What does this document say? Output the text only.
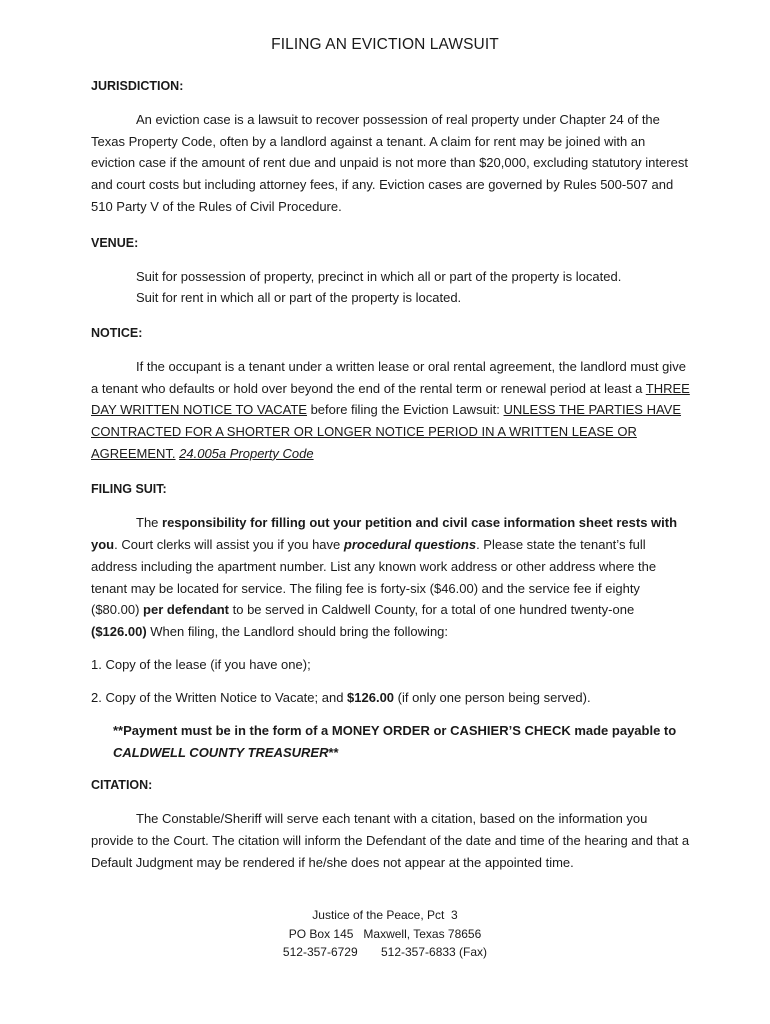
FILING AN EVICTION LAWSUIT
JURISDICTION:

An eviction case is a lawsuit to recover possession of real property under Chapter 24 of the Texas Property Code, often by a landlord against a tenant. A claim for rent may be joined with an eviction case if the amount of rent due and unpaid is not more than $20,000, excluding statutory interest and court costs but including attorney fees, if any. Eviction cases are governed by Rules 500-507 and 510 Party V of the Rules of Civil Procedure.

VENUE:

Suit for possession of property, precinct in which all or part of the property is located.

Suit for rent in which all or part of the property is located.

NOTICE:

If the occupant is a tenant under a written lease or oral rental agreement, the landlord must give a tenant who defaults or hold over beyond the end of the rental term or renewal period at least a THREE DAY WRITTEN NOTICE TO VACATE before filing the Eviction Lawsuit: UNLESS THE PARTIES HAVE CONTRACTED FOR A SHORTER OR LONGER NOTICE PERIOD IN A WRITTEN LEASE OR AGREEMENT. 24.005a Property Code

FILING SUIT:

The responsibility for filling out your petition and civil case information sheet rests with you. Court clerks will assist you if you have procedural questions. Please state the tenant’s full address including the apartment number. List any known work address or other address where the tenant may be located for service. The filing fee is forty-six ($46.00) and the service fee if eighty ($80.00) per defendant to be served in Caldwell County, for a total of one hundred twenty-one ($126.00) When filing, the Landlord should bring the following:

1. Copy of the lease (if you have one);

2. Copy of the Written Notice to Vacate; and $126.00 (if only one person being served).

**Payment must be in the form of a MONEY ORDER or CASHIER’S CHECK made payable to CALDWELL COUNTY TREASURER**

CITATION:

The Constable/Sheriff will serve each tenant with a citation, based on the information you provide to the Court. The citation will inform the Defendant of the date and time of the hearing and that a Default Judgment may be rendered if he/she does not appear at the appointed time.

Justice of the Peace, Pct  3
PO Box 145   Maxwell, Texas 78656
512-357-6729       512-357-6833 (Fax)
